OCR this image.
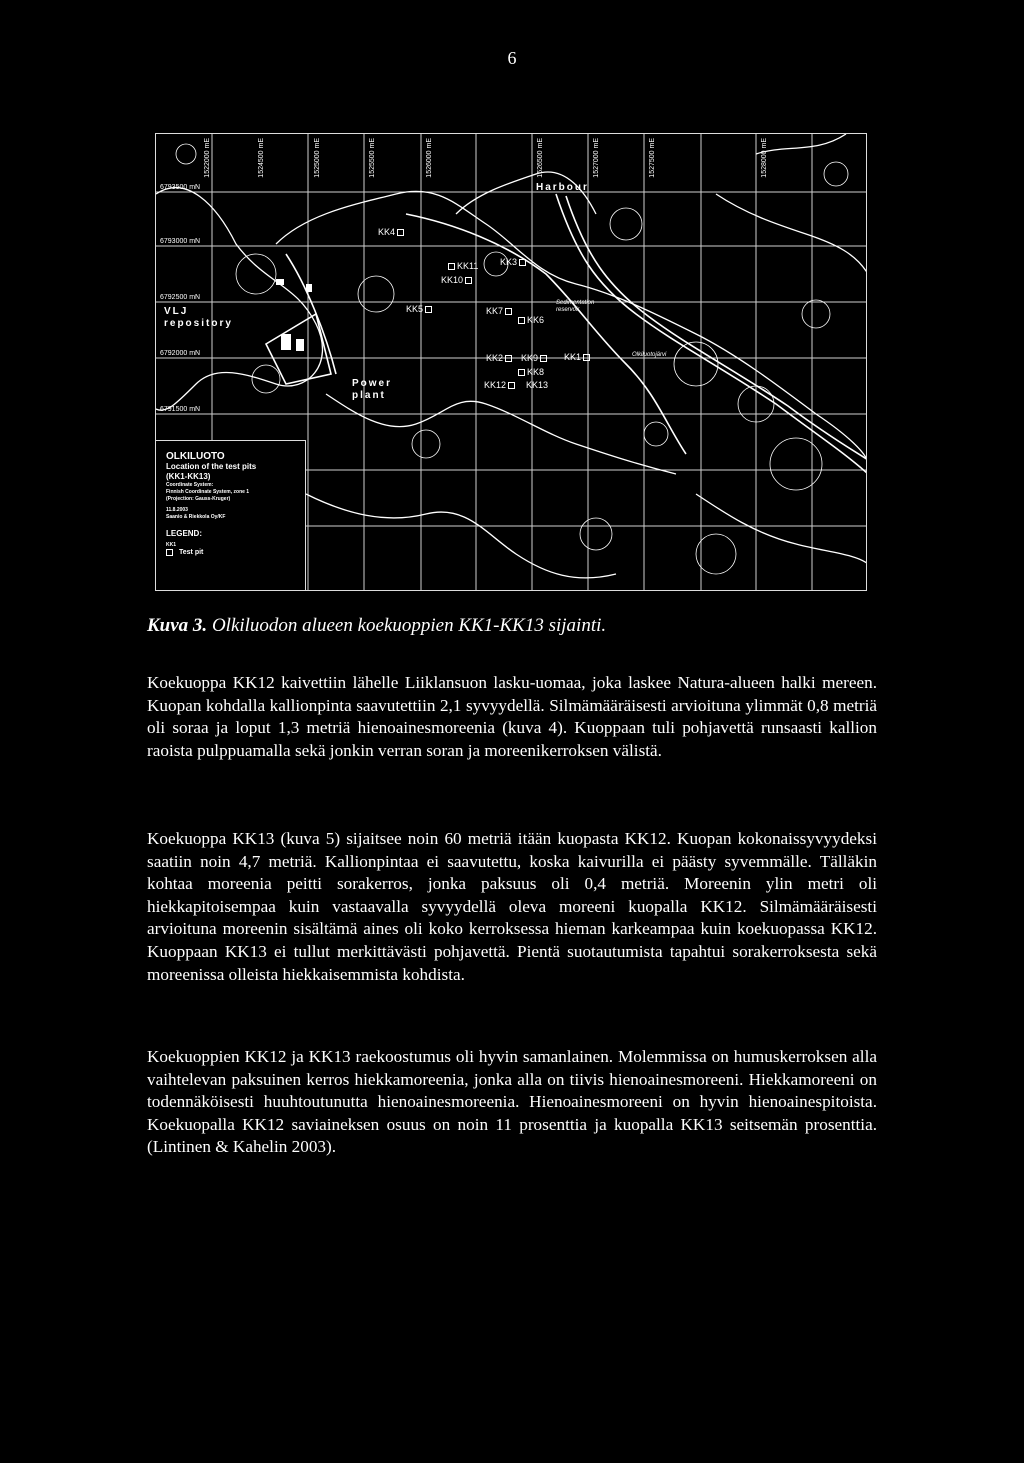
6
1522000 mE	1524500 mE	1525000 mE	1525500 mE	1526000 mE	1526500 mE	1527000 mE	1527500 mE	1528000 mE
6793500 mN
6793000 mN
6792500 mN
6792000 mN
6791500 mN
Harbour
VLJ
repository
Power
plant
Olkiluotojärvi
Sedimentation reservoir
KK4
KK11 KK3
KK10
KK5	KK7
KK6
KK2 KK9	KK1
KK8
KK12 KK13
OLKILUOTO
Location of the test pits
(KK1-KK13)
Coordinate System:
Finnish Coordinate System, zone 1
(Projection: Gauss-Kruger)
11.8.2003
Saanio & Riekkola Oy/KF
LEGEND:
KK1
Test pit
Kuva 3. Olkiluodon alueen koekuoppien KK1-KK13 sijainti.

Koekuoppa KK12 kaivettiin lähelle Liiklansuon lasku-uomaa, joka laskee Natura-alueen halki mereen. Kuopan kohdalla kallionpinta saavutettiin 2,1 syvyydellä. Silmämääräisesti arvioituna ylimmät 0,8 metriä oli soraa ja loput 1,3 metriä hienoainesmoreenia (kuva 4). Kuoppaan tuli pohjavettä runsaasti kallion raoista pulppuamalla sekä jonkin verran soran ja moreenikerroksen välistä.

Koekuoppa KK13 (kuva 5) sijaitsee noin 60 metriä itään kuopasta KK12. Kuopan kokonaissyvyydeksi saatiin noin 4,7 metriä. Kallionpintaa ei saavutettu, koska kaivurilla ei päästy syvemmälle. Tälläkin kohtaa moreenia peitti sorakerros, jonka paksuus oli 0,4 metriä. Moreenin ylin metri oli hiekkapitoisempaa kuin vastaavalla syvyydellä oleva moreeni kuopalla KK12. Silmämääräisesti arvioituna moreenin sisältämä aines oli koko kerroksessa hieman karkeampaa kuin koekuopassa KK12. Kuoppaan KK13 ei tullut merkittävästi pohjavettä. Pientä suotautumista tapahtui sorakerroksesta sekä moreenissa olleista hiekkaisemmista kohdista.

Koekuoppien KK12 ja KK13 raekoostumus oli hyvin samanlainen. Molemmissa on humuskerroksen alla vaihtelevan paksuinen kerros hiekkamoreenia, jonka alla on tiivis hienoainesmoreeni. Hiekkamoreeni on todennäköisesti huuhtoutunutta hienoainesmoreenia. Hienoainesmoreeni on hyvin hienoainespitoista. Koekuopalla KK12 saviaineksen osuus on noin 11 prosenttia ja kuopalla KK13 seitsemän prosenttia. (Lintinen & Kahelin 2003).
